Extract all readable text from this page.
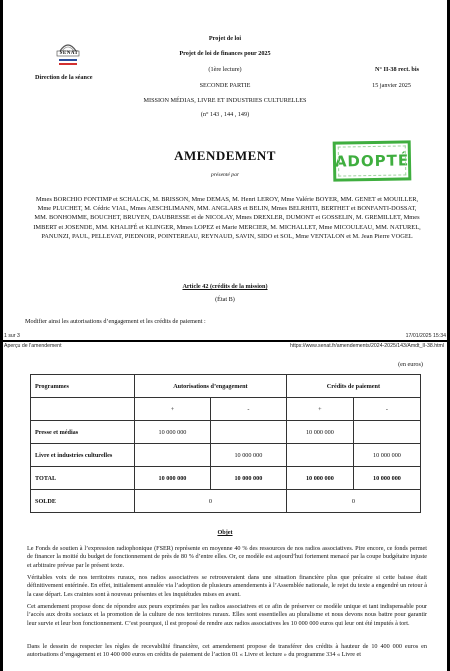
SENAT
Direction de la séance
Projet de loi
Projet de loi de finances pour 2025
(1ère lecture)
SECONDE PARTIE
MISSION MÉDIAS, LIVRE ET INDUSTRIES CULTURELLES
(n° 143 , 144 , 149)
N° II-38 rect. bis
15 janvier 2025
AMENDEMENT
présenté par
ADOPTÉ
Mmes BORCHIO FONTIMP et SCHALCK, M. BRISSON, Mme DEMAS, M. Henri LEROY, Mme Valérie BOYER, MM. GENET et MOUILLER, Mme PLUCHET, M. Cédric VIAL, Mmes AESCHLIMANN, MM. ANGLARS et BELIN, Mmes BELRHITI, BERTHET et BONFANTI-DOSSAT, MM. BONHOMME, BOUCHET, BRUYEN, DAUBRESSE et de NICOLAY, Mmes DREXLER, DUMONT et GOSSELIN, M. GREMILLET, Mmes IMBERT et JOSENDE, MM. KHALIFÉ et KLINGER, Mmes LOPEZ et Marie MERCIER, M. MICHALLET, Mme MICOULEAU, MM. NATUREL, PANUNZI, PAUL, PELLEVAT, PIEDNOIR, POINTEREAU, REYNAUD, SAVIN, SIDO et SOL, Mme VENTALON et M. Jean Pierre VOGEL
Article 42 (crédits de la mission)
(État B)
Modifier ainsi les autorisations d’engagement et les crédits de paiement :
1 sur 3	17/01/2025 15:34
Aperçu de l'amendement	https://www.senat.fr/amendements/2024-2025/143/Amdt_II-38.html
(en euros)
Programmes	Autorisations d’engagement		Crédits de paiement	
	+	-	+	-
Presse et médias	10 000 000		10 000 000	
Livre et industries culturelles		10 000 000		10 000 000
TOTAL	10 000 000	10 000 000	10 000 000	10 000 000
SOLDE	0		0	
Objet
Le Fonds de soutien à l’expression radiophonique (FSER) représente en moyenne 40 % des ressources de nos radios associatives. Pire encore, ce fonds permet de financer la moitié du budget de fonctionnement de près de 80 % d’entre elles. Or, ce modèle est aujourd’hui fortement menacé par la coupe budgétaire injuste et arbitraire prévue par le présent texte.
Véritables voix de nos territoires ruraux, nos radios associatives se retrouveraient dans une situation financière plus que précaire si cette baisse était définitivement entérinée. En effet, initialement annulée via l’adoption de plusieurs amendements à l’Assemblée nationale, le rejet du texte a engendré un retour à la case départ. Les craintes sont à nouveau présentes et les inquiétudes mises en avant.
Cet amendement propose donc de répondre aux peurs exprimées par les radios associatives et ce afin de préserver ce modèle unique et tant indispensable pour l’accès aux droits sociaux et la promotion de la culture de nos territoires ruraux. Elles sont essentielles au pluralisme et nous devons nous battre pour garantir leur survie et leur bon fonctionnement. C’est pourquoi, il est proposé de rendre aux radios associatives les 10 000 000 euros qui leur ont été imputés à tort.
Dans le dessein de respecter les règles de recevabilité financière, cet amendement propose de transférer des crédits à hauteur de 10 400 000 euros en autorisations d’engagement et 10 400 000 euros en crédits de paiement de l’action 01 « Livre et lecture » du programme 334 « Livre et
